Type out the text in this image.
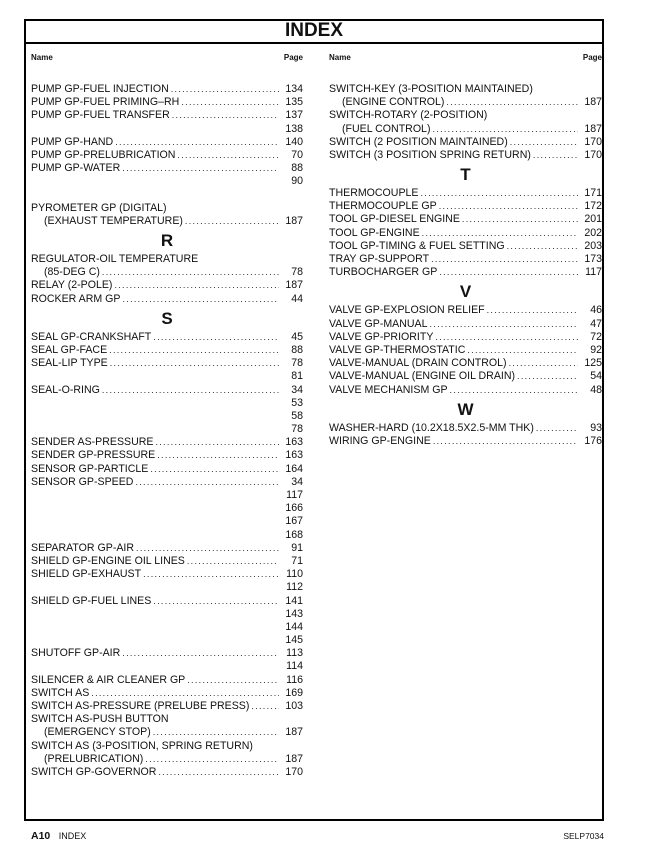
INDEX
Name	Page
PUMP GP-FUEL INJECTION .....	134
PUMP GP-FUEL PRIMING–RH .....	135
PUMP GP-FUEL TRANSFER .....	137
138
PUMP GP-HAND .....	140
PUMP GP-PRELUBRICATION .....	70
PUMP GP-WATER .....	88
90
PYROMETER GP (DIGITAL)
(EXHAUST TEMPERATURE) .....	187
R
REGULATOR-OIL TEMPERATURE
(85-DEG C) .....	78
RELAY (2-POLE) .....	187
ROCKER ARM GP .....	44
S
SEAL GP-CRANKSHAFT .....	45
SEAL GP-FACE .....	88
SEAL-LIP TYPE .....	78
81
SEAL-O-RING .....	34
53
58
78
SENDER AS-PRESSURE .....	163
SENDER GP-PRESSURE .....	163
SENSOR GP-PARTICLE .....	164
SENSOR GP-SPEED .....	34
117
166
167
168
SEPARATOR GP-AIR .....	91
SHIELD GP-ENGINE OIL LINES .....	71
SHIELD GP-EXHAUST .....	110
112
SHIELD GP-FUEL LINES .....	141
143
144
145
SHUTOFF GP-AIR .....	113
114
SILENCER & AIR CLEANER GP .....	116
SWITCH AS .....	169
SWITCH AS-PRESSURE (PRELUBE PRESS) .....	103
SWITCH AS-PUSH BUTTON
(EMERGENCY STOP) .....	187
SWITCH AS (3-POSITION, SPRING RETURN)
(PRELUBRICATION) .....	187
SWITCH GP-GOVERNOR .....	170
Name	Page
SWITCH-KEY (3-POSITION MAINTAINED)
(ENGINE CONTROL) .....	187
SWITCH-ROTARY (2-POSITION)
(FUEL CONTROL) .....	187
SWITCH (2 POSITION MAINTAINED) .....	170
SWITCH (3 POSITION SPRING RETURN) .....	170
T
THERMOCOUPLE .....	171
THERMOCOUPLE GP .....	172
TOOL GP-DIESEL ENGINE .....	201
TOOL GP-ENGINE .....	202
TOOL GP-TIMING & FUEL SETTING .....	203
TRAY GP-SUPPORT .....	173
TURBOCHARGER GP .....	117
V
VALVE GP-EXPLOSION RELIEF .....	46
VALVE GP-MANUAL .....	47
VALVE GP-PRIORITY .....	72
VALVE GP-THERMOSTATIC .....	92
VALVE-MANUAL (DRAIN CONTROL) .....	125
VALVE-MANUAL (ENGINE OIL DRAIN) .....	54
VALVE MECHANISM GP .....	48
W
WASHER-HARD (10.2X18.5X2.5-MM THK) .....	93
WIRING GP-ENGINE .....	176
A10 INDEX	SELP7034
